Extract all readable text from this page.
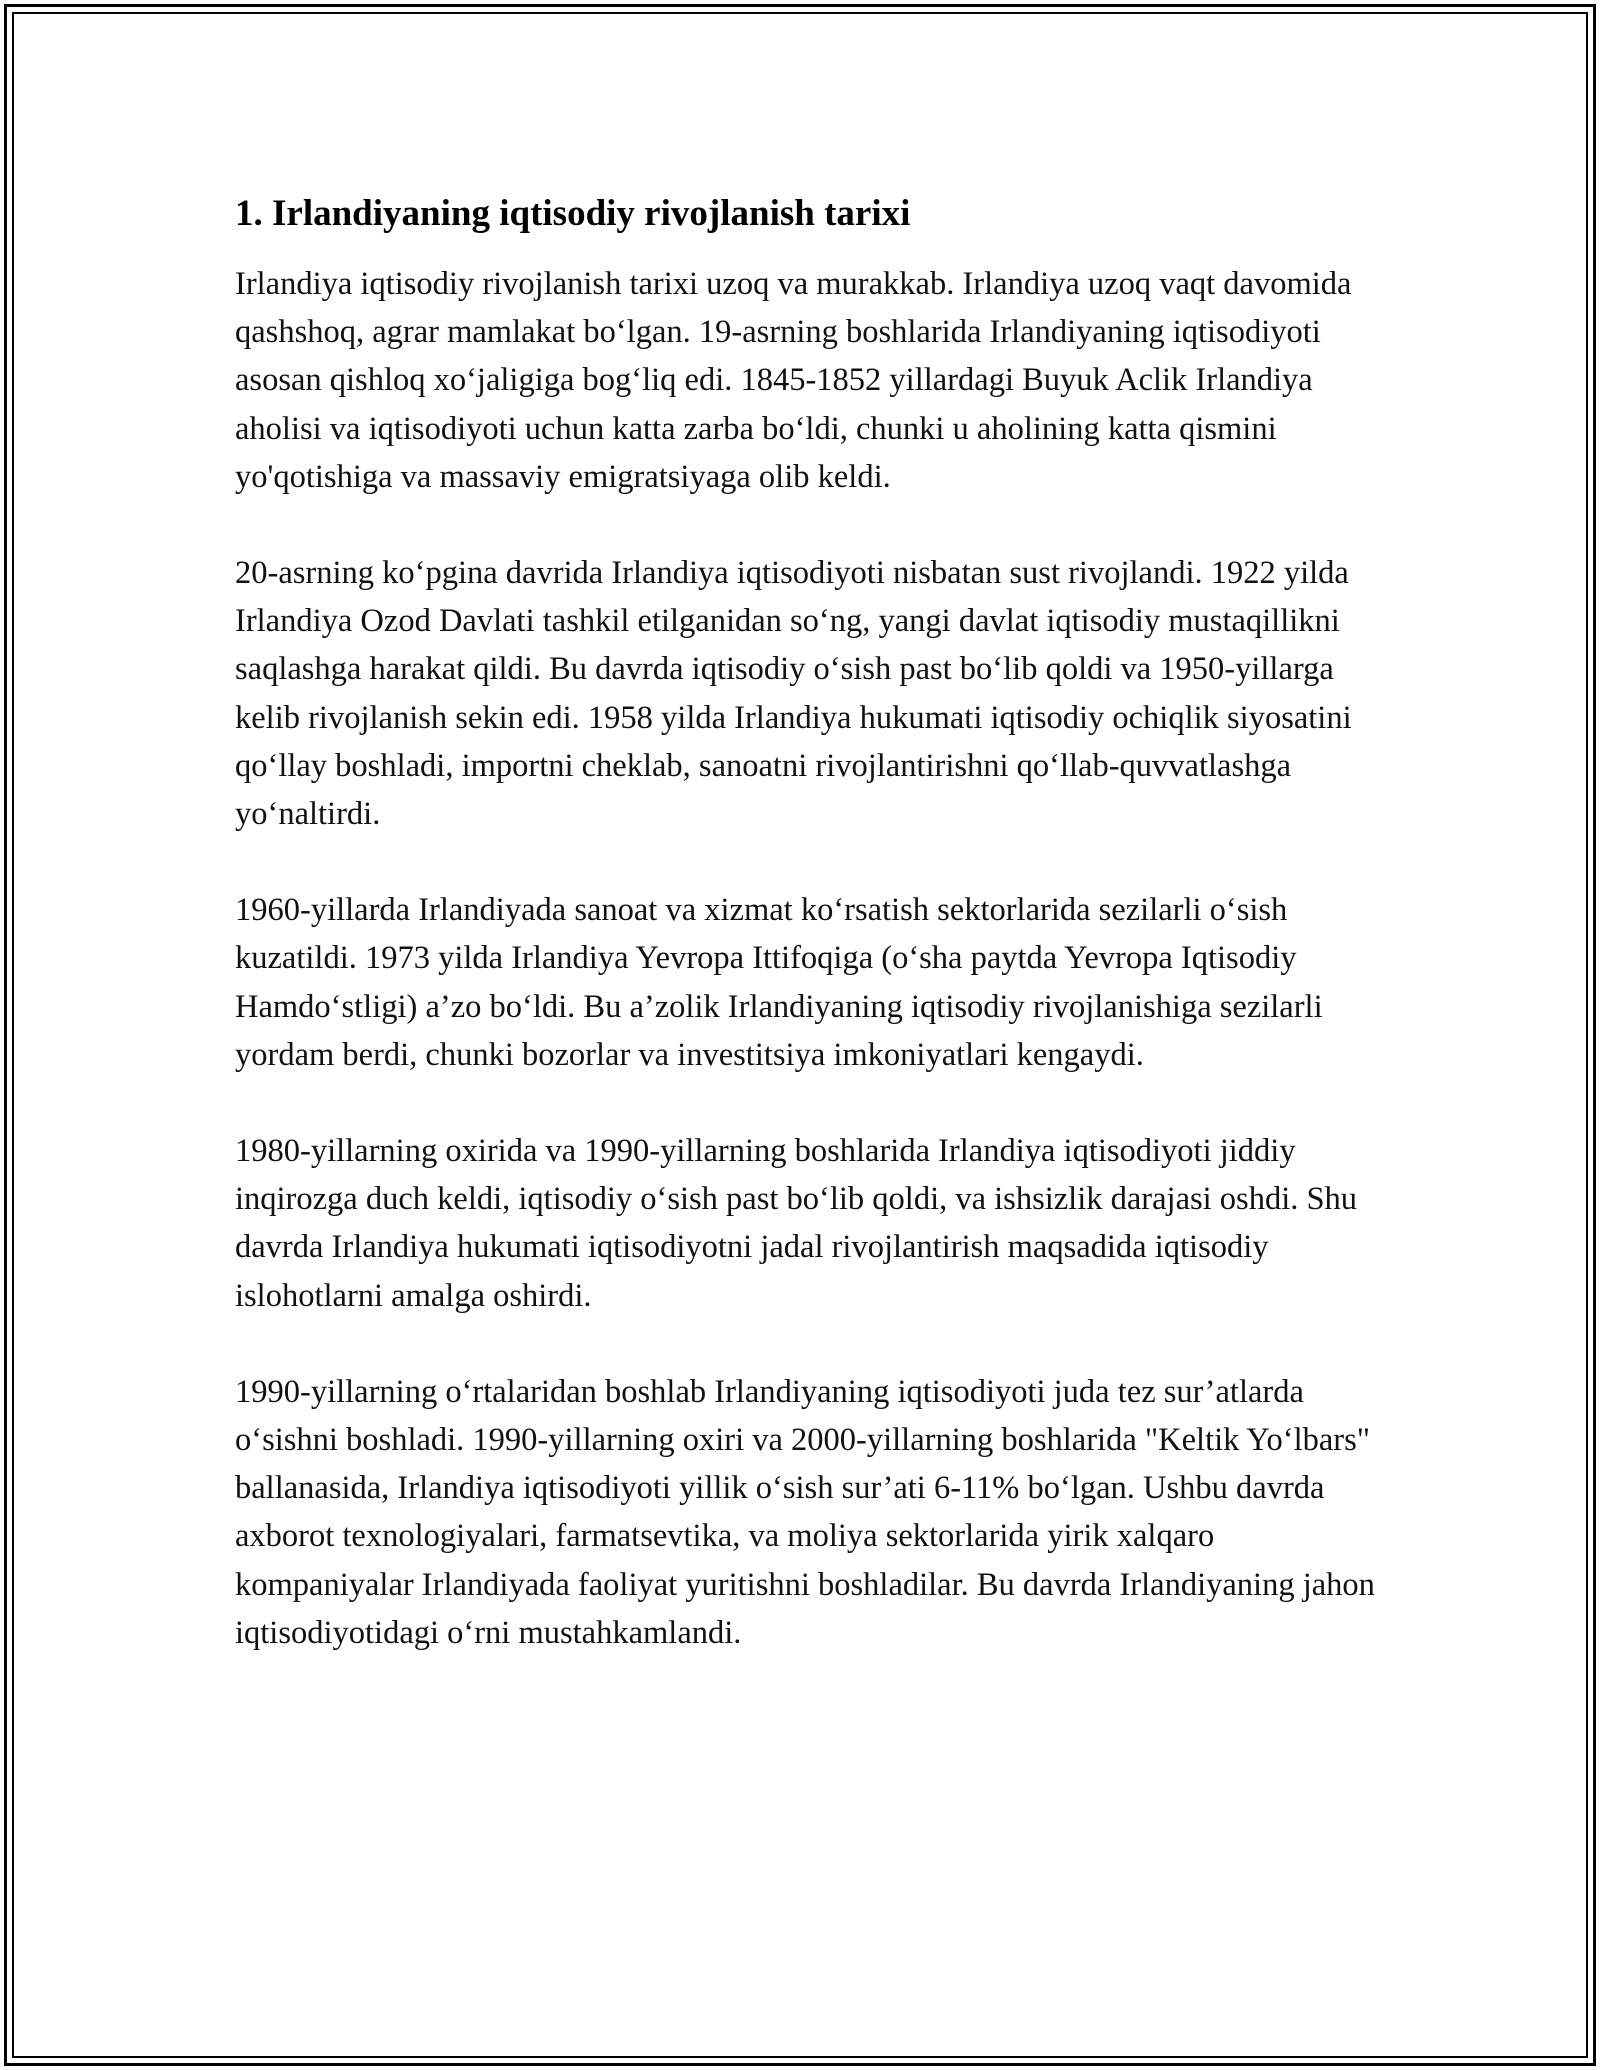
1. Irlandiyaning iqtisodiy rivojlanish tarixi

Irlandiya iqtisodiy rivojlanish tarixi uzoq va murakkab. Irlandiya uzoq vaqt davomida qashshoq, agrar mamlakat bo‘lgan. 19-asrning boshlarida Irlandiyaning iqtisodiyoti asosan qishloq xo‘jaligiga bog‘liq edi. 1845-1852 yillardagi Buyuk Aclik Irlandiya aholisi va iqtisodiyoti uchun katta zarba bo‘ldi, chunki u aholining katta qismini yo'qotishiga va massaviy emigratsiyaga olib keldi.

20-asrning ko‘pgina davrida Irlandiya iqtisodiyoti nisbatan sust rivojlandi. 1922 yilda Irlandiya Ozod Davlati tashkil etilganidan so‘ng, yangi davlat iqtisodiy mustaqillikni saqlashga harakat qildi. Bu davrda iqtisodiy o‘sish past bo‘lib qoldi va 1950-yillarga kelib rivojlanish sekin edi. 1958 yilda Irlandiya hukumati iqtisodiy ochiqlik siyosatini qo‘llay boshladi, importni cheklab, sanoatni rivojlantirishni qo‘llab-quvvatlashga yo‘naltirdi.

1960-yillarda Irlandiyada sanoat va xizmat ko‘rsatish sektorlarida sezilarli o‘sish kuzatildi. 1973 yilda Irlandiya Yevropa Ittifoqiga (o‘sha paytda Yevropa Iqtisodiy Hamdo‘stligi) a’zo bo‘ldi. Bu a’zolik Irlandiyaning iqtisodiy rivojlanishiga sezilarli yordam berdi, chunki bozorlar va investitsiya imkoniyatlari kengaydi.

1980-yillarning oxirida va 1990-yillarning boshlarida Irlandiya iqtisodiyoti jiddiy inqirozga duch keldi, iqtisodiy o‘sish past bo‘lib qoldi, va ishsizlik darajasi oshdi. Shu davrda Irlandiya hukumati iqtisodiyotni jadal rivojlantirish maqsadida iqtisodiy islohotlarni amalga oshirdi.

1990-yillarning o‘rtalaridan boshlab Irlandiyaning iqtisodiyoti juda tez sur’atlarda o‘sishni boshladi. 1990-yillarning oxiri va 2000-yillarning boshlarida "Keltik Yo‘lbars" ballanasida, Irlandiya iqtisodiyoti yillik o‘sish sur’ati 6-11% bo‘lgan. Ushbu davrda axborot texnologiyalari, farmatsevtika, va moliya sektorlarida yirik xalqaro kompaniyalar Irlandiyada faoliyat yuritishni boshladilar. Bu davrda Irlandiyaning jahon iqtisodiyotidagi o‘rni mustahkamlandi.
